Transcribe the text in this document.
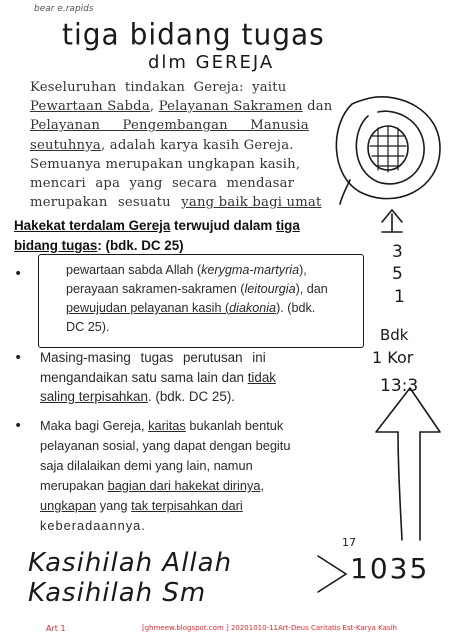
bear e.rapids
tiga bidang tugas
dlm GEREJA
Keseluruhan tindakan Gereja: yaitu
Pewartaan Sabda, Pelayanan Sakramen dan
Pelayanan Pengembangan Manusia
seutuhnya, adalah karya kasih Gereja.
Semuanya merupakan ungkapan kasih,
mencari apa yang secara mendasar
merupakan sesuatu yang baik bagi umat
Hakekat terdalam Gereja terwujud dalam tiga
bidang tugas: (bdk. DC 25)	3
5
1
•	pewartaan sabda Allah (kerygma-martyria),
perayaan sakramen-sakramen (leitourgia), dan
pewujudan pelayanan kasih (diakonia). (bdk.
DC 25).	Bdk
1 Kor
13:3
• Masing-masing tugas perutusan ini
mengandaikan satu sama lain dan tidak
saling terpisahkan. (bdk. DC 25).
• Maka bagi Gereja, karitas bukanlah bentuk
pelayanan sosial, yang dapat dengan begitu
saja dilalaikan demi yang lain, namun
merupakan bagian dari hakekat dirinya,
ungkapan yang tak terpisahkan dari
keberadaannya.
Kasihilah Allah
Kasihilah Sm
17
1035
Art 1	[ghmeew.blogspot.com ] 20201010-11Art-Deus Caritatis Est-Karya Kasih
